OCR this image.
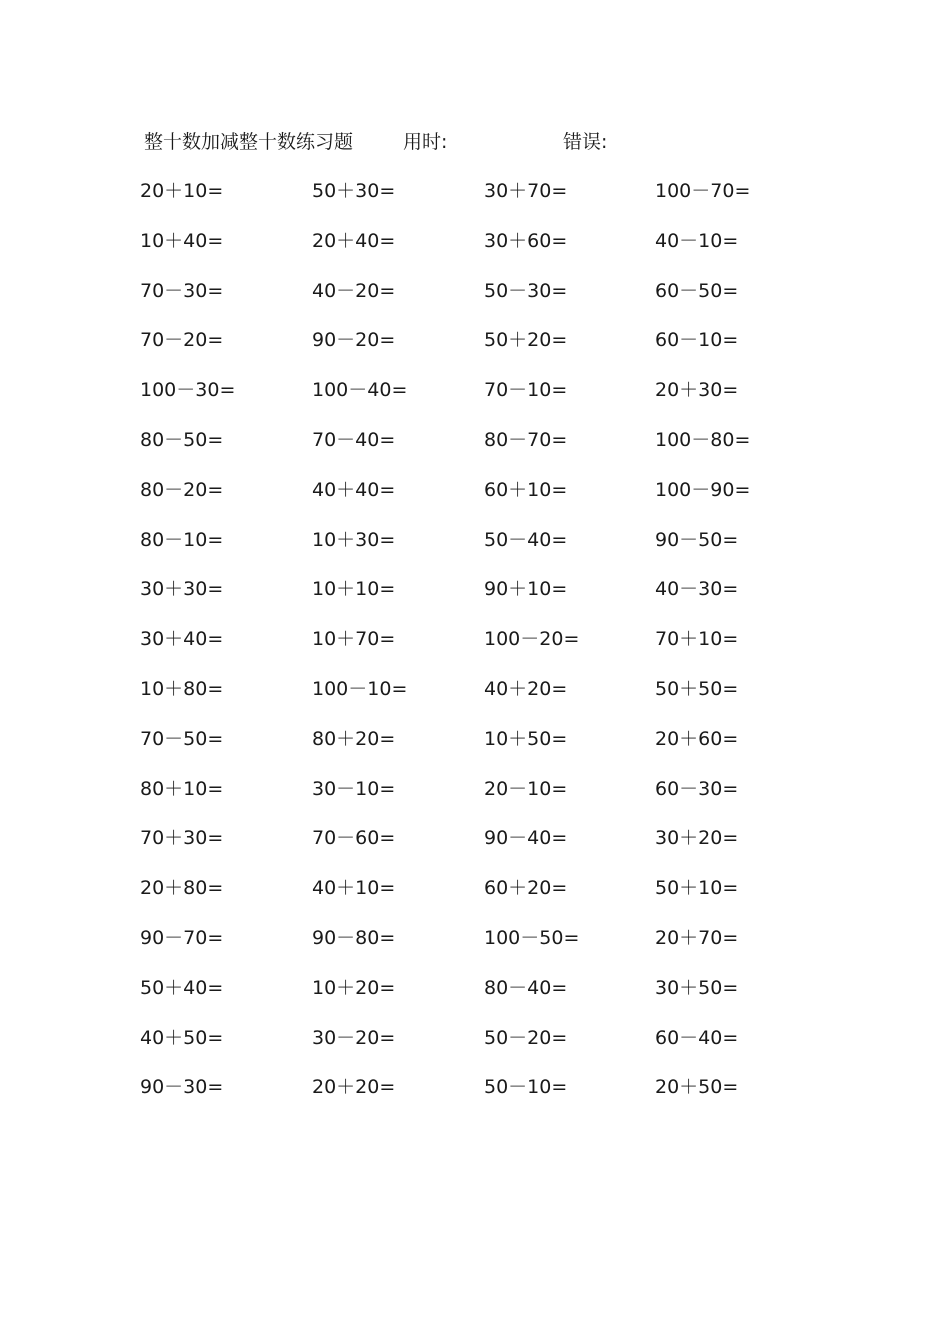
整十数加减整十数练习题	用时:	错误:
20＋10=	50＋30=	30＋70=	100－70=
10＋40=	20＋40=	30＋60=	40－10=
70－30=	40－20=	50－30=	60－50=
70－20=	90－20=	50＋20=	60－10=
100－30=	100－40=	70－10=	20＋30=
80－50=	70－40=	80－70=	100－80=
80－20=	40＋40=	60＋10=	100－90=
80－10=	10＋30=	50－40=	90－50=
30＋30=	10＋10=	90＋10=	40－30=
30＋40=	10＋70=	100－20=	70＋10=
10＋80=	100－10=	40＋20=	50＋50=
70－50=	80＋20=	10＋50=	20＋60=
80＋10=	30－10=	20－10=	60－30=
70＋30=	70－60=	90－40=	30＋20=
20＋80=	40＋10=	60＋20=	50＋10=
90－70=	90－80=	100－50=	20＋70=
50＋40=	10＋20=	80－40=	30＋50=
40＋50=	30－20=	50－20=	60－40=
90－30=	20＋20=	50－10=	20＋50=
